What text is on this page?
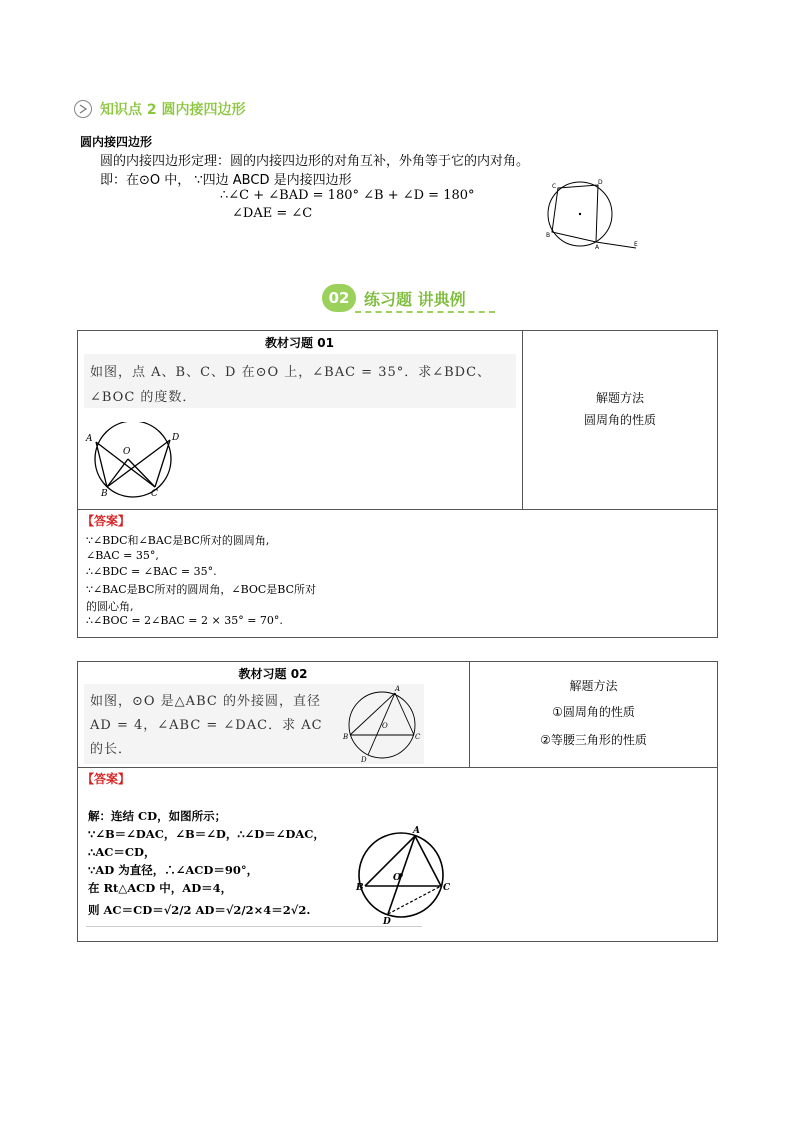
知识点 2 圆内接四边形
圆内接四边形
圆的内接四边形定理：圆的内接四边形的对角互补，外角等于它的内对角。
即：在⊙O 中， ∵四边 ABCD 是内接四边形
∴∠C + ∠BAD = 180° ∠B + ∠D = 180°
∠DAE = ∠C
C
D
B
A	E
02 练习题 讲典例
教材习题 01
如图，点 A、B、C、D 在⊙O 上，∠BAC = 35°．求∠BDC、
∠BOC 的度数．
A	D
O
B	C
解题方法
圆周角的性质
【答案】
∵∠BDC和∠BAC是BC所对的圆周角,
∠BAC = 35°,
∴∠BDC = ∠BAC = 35°.
∵∠BAC是BC所对的圆周角，∠BOC是BC所对
的圆心角,
∴∠BOC = 2∠BAC = 2 × 35° = 70°.
教材习题 02
如图，⊙O 是△ABC 的外接圆，直径
AD = 4，∠ABC = ∠DAC．求 AC
的长．
A
O
B	C
D
解题方法
①圆周角的性质
②等腰三角形的性质
【答案】
解：连结 CD，如图所示；
∵∠B＝∠DAC，∠B＝∠D，∴∠D＝∠DAC，
∴AC＝CD，
∵AD 为直径，∴∠ACD＝90°，
在 Rt△ACD 中，AD＝4，
则 AC＝CD＝√2/2 AD＝√2/2×4＝2√2.
A
O
B	C
D
